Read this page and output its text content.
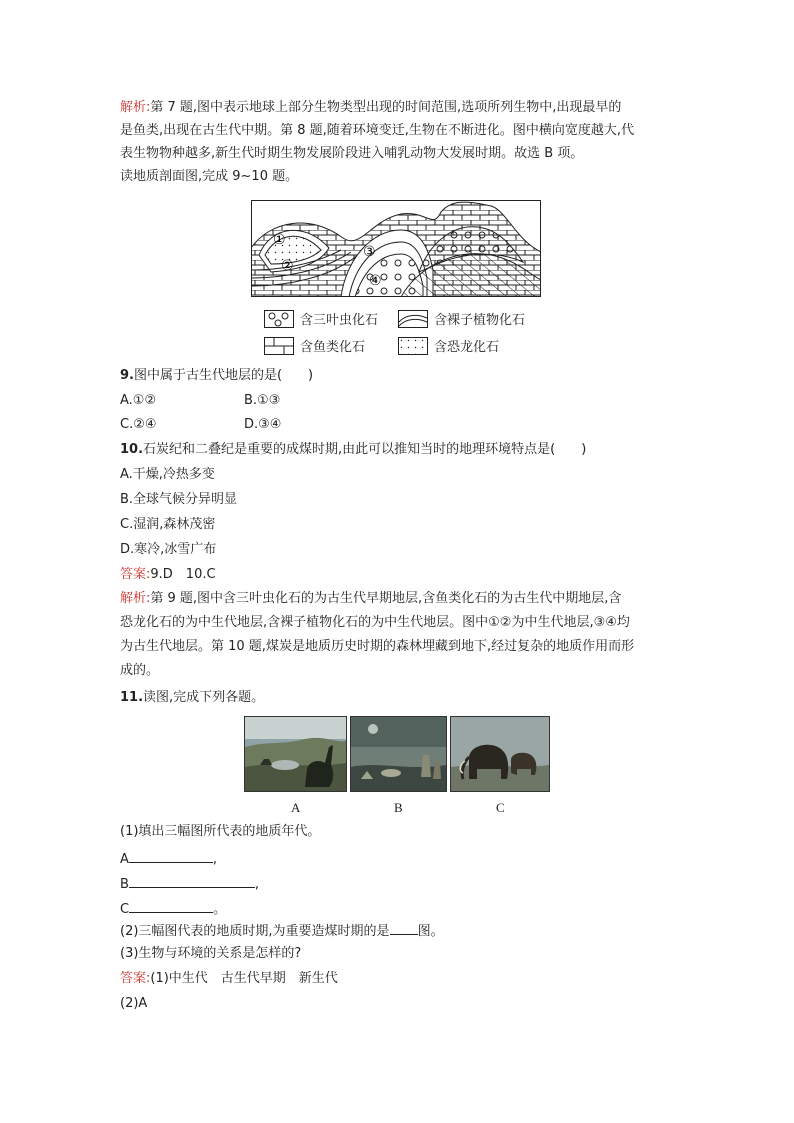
解析:第 7 题,图中表示地球上部分生物类型出现的时间范围,选项所列生物中,出现最早的
是鱼类,出现在古生代中期。第 8 题,随着环境变迁,生物在不断进化。图中横向宽度越大,代
表生物物种越多,新生代时期生物发展阶段进入哺乳动物大发展时期。故选 B 项。
读地质剖面图,完成 9~10 题。
①
②
③
④
含三叶虫化石	含裸子植物化石
含鱼类化石	含恐龙化石
9.图中属于古生代地层的是(　　)
A.①②	B.①③
C.②④	D.③④
10.石炭纪和二叠纪是重要的成煤时期,由此可以推知当时的地理环境特点是(　　)
A.干燥,冷热多变
B.全球气候分异明显
C.湿润,森林茂密
D.寒冷,冰雪广布
答案:9.D　10.C
解析:第 9 题,图中含三叶虫化石的为古生代早期地层,含鱼类化石的为古生代中期地层,含
恐龙化石的为中生代地层,含裸子植物化石的为中生代地层。图中①②为中生代地层,③④均
为古生代地层。第 10 题,煤炭是地质历史时期的森林埋藏到地下,经过复杂的地质作用而形
成的。
11.读图,完成下列各题。
A	B	C
(1)填出三幅图所代表的地质年代。
A	,
B	,
C	。
(2)三幅图代表的地质时期,为重要造煤时期的是 图。
(3)生物与环境的关系是怎样的?
答案:(1)中生代　古生代早期　新生代
(2)A
